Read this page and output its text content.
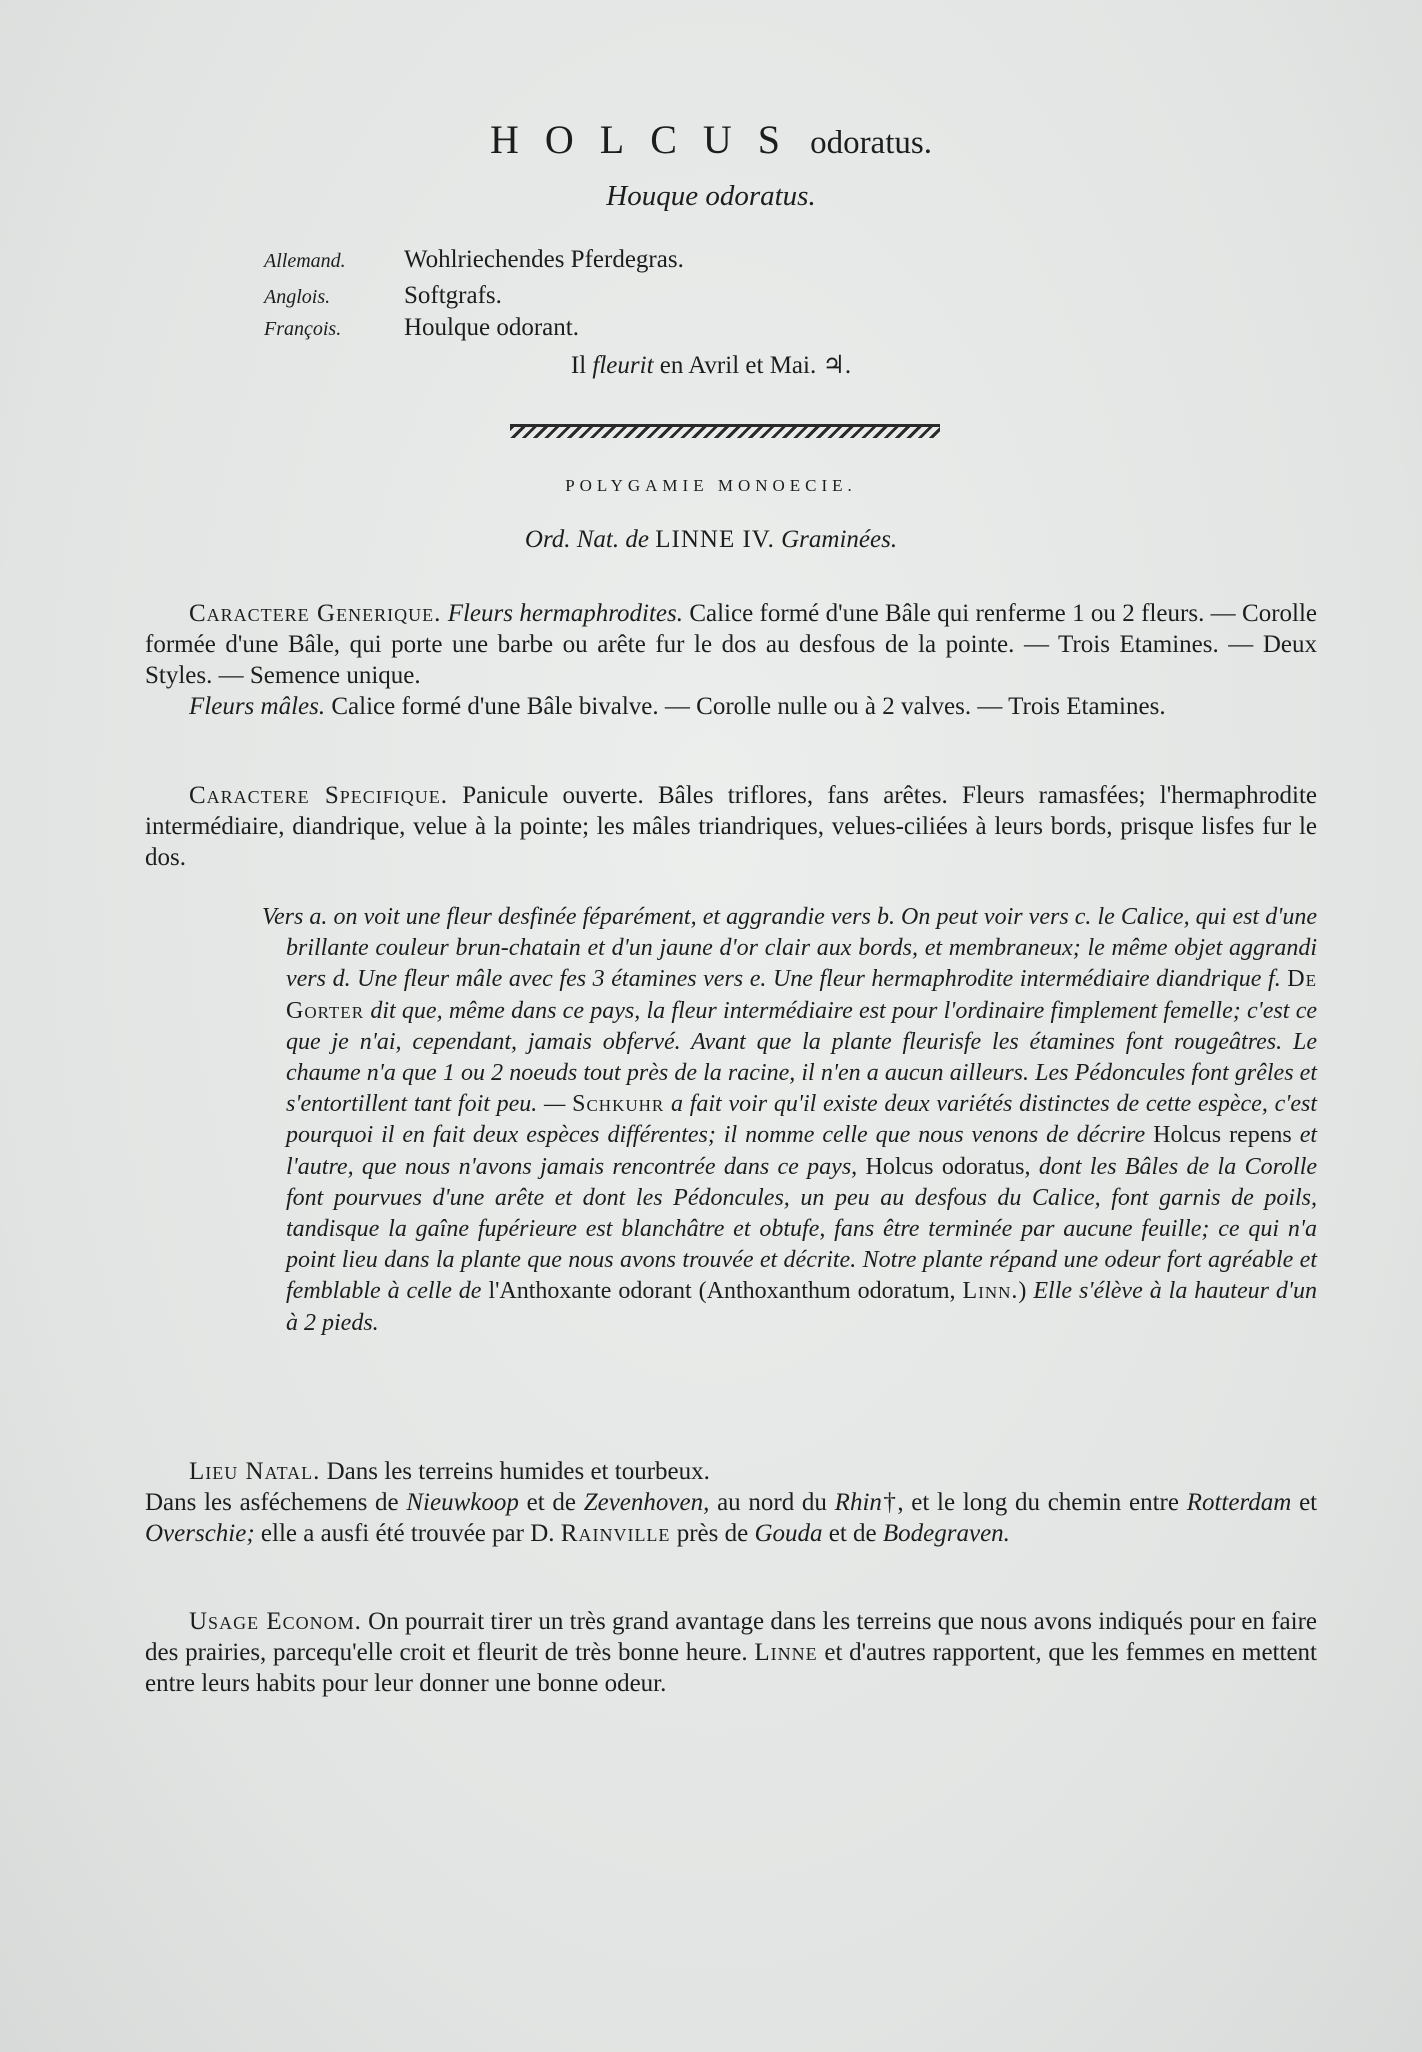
HOLCUS odoratus.
Houque odoratus.
Allemand. Wohlriechendes Pferdegras.
Anglois.	Softgrafs.
François.	Houlque odorant.
Il fleurit en Avril et Mai. ♃.
POLYGAMIE MONOECIE.
Ord. Nat. de LINNE IV. Graminées.

Caractere Generique. Fleurs hermaphrodites. Calice formé d'une Bâle qui renferme 1 ou 2 fleurs. — Corolle formée d'une Bâle, qui porte une barbe ou arête fur le dos au desfous de la pointe. — Trois Etamines. — Deux Styles. — Semence unique.

Fleurs mâles. Calice formé d'une Bâle bivalve. — Corolle nulle ou à 2 valves. — Trois Etamines.

Caractere Specifique. Panicule ouverte. Bâles triflores, fans arêtes. Fleurs ramasfées; l'hermaphrodite intermédiaire, diandrique, velue à la pointe; les mâles triandriques, velues-ciliées à leurs bords, prisque lisfes fur le dos.

Vers a. on voit une fleur desfinée féparément, et aggrandie vers b. On peut voir vers c. le Calice, qui est d'une brillante couleur brun-chatain et d'un jaune d'or clair aux bords, et membraneux; le même objet aggrandi vers d. Une fleur mâle avec fes 3 étamines vers e. Une fleur hermaphrodite intermédiaire diandrique f. De Gorter dit que, même dans ce pays, la fleur intermédiaire est pour l'ordinaire fimplement femelle; c'est ce que je n'ai, cependant, jamais obfervé. Avant que la plante fleurisfe les étamines font rougeâtres. Le chaume n'a que 1 ou 2 noeuds tout près de la racine, il n'en a aucun ailleurs. Les Pédoncules font grêles et s'entortillent tant foit peu. — Schkuhr a fait voir qu'il existe deux variétés distinctes de cette espèce, c'est pourquoi il en fait deux espèces différentes; il nomme celle que nous venons de décrire Holcus repens et l'autre, que nous n'avons jamais rencontrée dans ce pays, Holcus odoratus, dont les Bâles de la Corolle font pourvues d'une arête et dont les Pédoncules, un peu au desfous du Calice, font garnis de poils, tandisque la gaîne fupérieure est blanchâtre et obtufe, fans être terminée par aucune feuille; ce qui n'a point lieu dans la plante que nous avons trouvée et décrite. Notre plante répand une odeur fort agréable et femblable à celle de l'Anthoxante odorant (Anthoxanthum odoratum, Linn.) Elle s'élève à la hauteur d'un à 2 pieds.

Lieu Natal. Dans les terreins humides et tourbeux.

Dans les asféchemens de Nieuwkoop et de Zevenhoven, au nord du Rhin†, et le long du chemin entre Rotterdam et Overschie; elle a ausfi été trouvée par D. Rainville près de Gouda et de Bodegraven.

Usage Econom. On pourrait tirer un très grand avantage dans les terreins que nous avons indiqués pour en faire des prairies, parcequ'elle croit et fleurit de très bonne heure. Linne et d'autres rapportent, que les femmes en mettent entre leurs habits pour leur donner une bonne odeur.
